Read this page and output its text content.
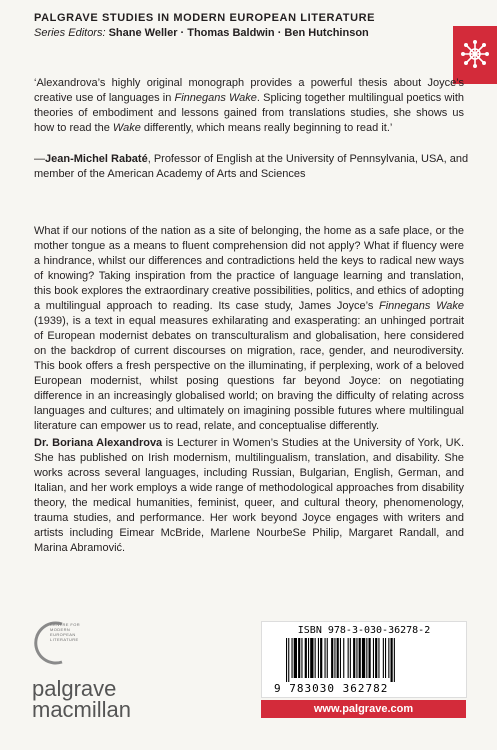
PALGRAVE STUDIES IN MODERN EUROPEAN LITERATURE
Series Editors: Shane Weller · Thomas Baldwin · Ben Hutchinson
‘Alexandrova’s highly original monograph provides a powerful thesis about Joyce’s creative use of languages in Finnegans Wake. Splicing together multilingual poetics with theories of embodiment and lessons gained from translations studies, she shows us how to read the Wake differently, which means really beginning to read it.’
—Jean-Michel Rabaté, Professor of English at the University of Pennsylvania, USA, and member of the American Academy of Arts and Sciences
What if our notions of the nation as a site of belonging, the home as a safe place, or the mother tongue as a means to fluent comprehension did not apply? What if fluency were a hindrance, whilst our differences and contradictions held the keys to radical new ways of knowing? Taking inspiration from the practice of language learning and translation, this book explores the extraordinary creative possibilities, politics, and ethics of adopting a multilingual approach to reading. Its case study, James Joyce’s Finnegans Wake (1939), is a text in equal measures exhilarating and exasperating: an unhinged portrait of European modernist debates on transculturalism and globalisation, here considered on the backdrop of current discourses on migration, race, gender, and neurodiversity. This book offers a fresh perspective on the illuminating, if perplexing, work of a beloved European modernist, whilst posing questions far beyond Joyce: on negotiating difference in an increasingly globalised world; on braving the difficulty of relating across languages and cultures; and ultimately on imagining possible futures where multilingual literature can empower us to read, relate, and conceptualise differently.
Dr. Boriana Alexandrova is Lecturer in Women’s Studies at the University of York, UK. She has published on Irish modernism, multilingualism, translation, and disability. She works across several languages, including Russian, Bulgarian, English, German, and Italian, and her work employs a wide range of methodological approaches from disability theory, the medical humanities, feminist, queer, and cultural theory, phenomenology, trauma studies, and performance. Her work beyond Joyce engages with writers and artists including Eimear McBride, Marlene NourbeSe Philip, Margaret Randall, and Marina Abramović.
CENTRE FOR MODERN EUROPEAN LITERATURE
palgrave
macmillan
ISBN 978-3-030-36278-2
9 783030 362782
www.palgrave.com
